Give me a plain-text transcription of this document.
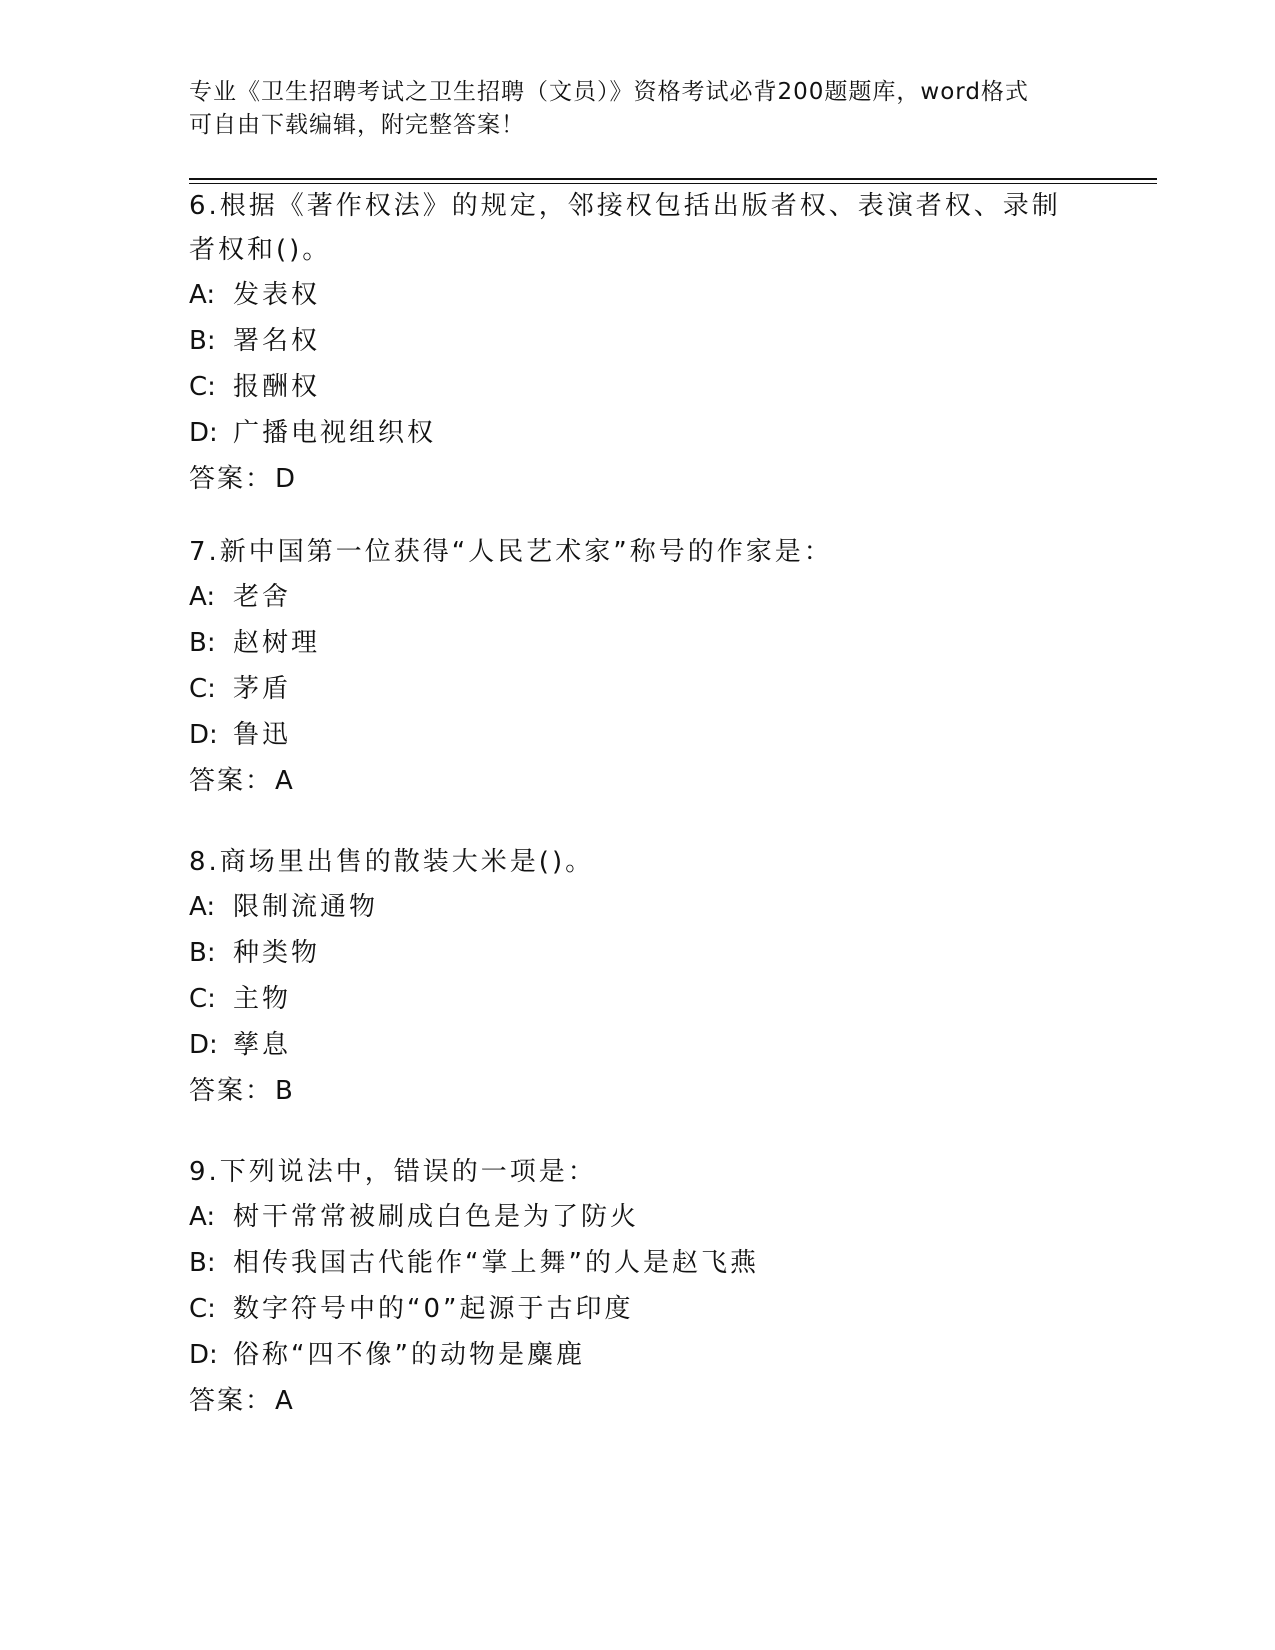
专业《卫生招聘考试之卫生招聘（文员）》资格考试必背200题题库，word格式
可自由下载编辑，附完整答案！
6.根据《著作权法》的规定，邻接权包括出版者权、表演者权、录制
者权和()。
A: 发表权
B: 署名权
C: 报酬权
D: 广播电视组织权
答案：D
7.新中国第一位获得“人民艺术家”称号的作家是：
A: 老舍
B: 赵树理
C: 茅盾
D: 鲁迅
答案：A
8.商场里出售的散装大米是()。
A: 限制流通物
B: 种类物
C: 主物
D: 孳息
答案：B
9.下列说法中，错误的一项是：
A: 树干常常被刷成白色是为了防火
B: 相传我国古代能作“掌上舞”的人是赵飞燕
C: 数字符号中的“0”起源于古印度
D: 俗称“四不像”的动物是麋鹿
答案：A
